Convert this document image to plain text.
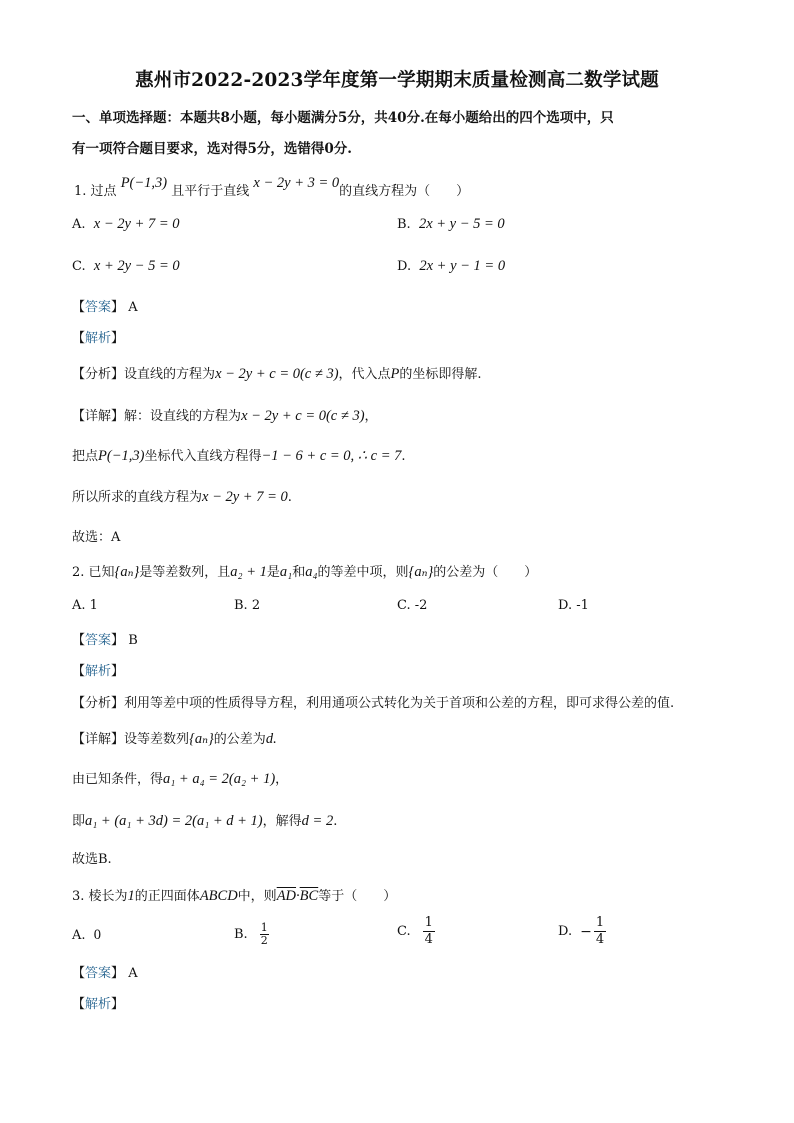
惠州市2022-2023学年度第一学期期末质量检测高二数学试题
一、单项选择题：本题共8小题，每小题满分5分，共40分.在每小题给出的四个选项中，只
有一项符合题目要求，选对得5分，选错得0分.
1. 过点 P(−1,3) 且平行于直线 x − 2y + 3 = 0的直线方程为（　　）
A. x − 2y + 7 = 0	B. 2x + y − 5 = 0
C. x + 2y − 5 = 0	D. 2x + y − 1 = 0
【答案】 A
【解析】
【分析】设直线的方程为x − 2y + c = 0(c ≠ 3)，代入点P的坐标即得解.
【详解】解：设直线的方程为x − 2y + c = 0(c ≠ 3)，
把点P(−1,3)坐标代入直线方程得−1 − 6 + c = 0, ∴ c = 7.
所以所求的直线方程为x − 2y + 7 = 0.
故选：A
2. 已知{aₙ}是等差数列，且a₂ + 1是a₁和a₄的等差中项，则{aₙ}的公差为（　　）
A. 1	B. 2	C. -2	D. -1
【答案】 B
【解析】
【分析】利用等差中项的性质得导方程，利用通项公式转化为关于首项和公差的方程，即可求得公差的值.
【详解】设等差数列{aₙ}的公差为d.
由已知条件，得a₁ + a₄ = 2(a₂ + 1)，
即a₁ + (a₁ + 3d) = 2(a₁ + d + 1)，解得d = 2.
故选B.
3. 棱长为1的正四面体ABCD中，则$\overline{AD}\cdot\overline{BC}$等于（　　）
A. 0	B. $\frac{1}{2}$	C. $\frac{1}{4}$	D. − $\frac{1}{4}$
【答案】 A
【解析】
